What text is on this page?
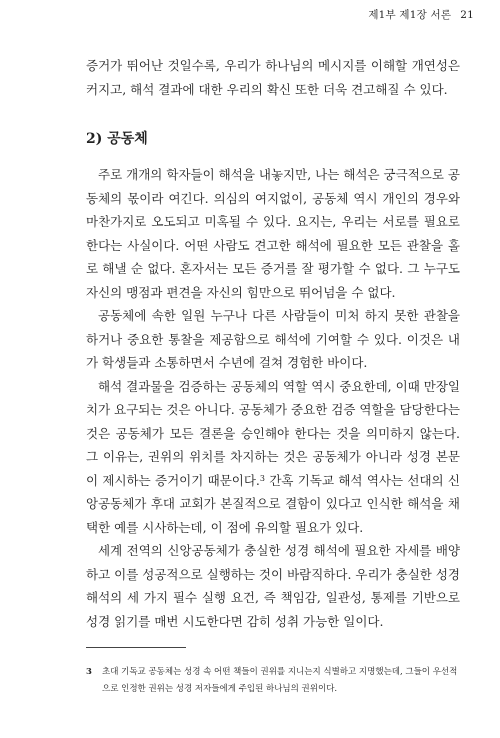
제1부 제1장 서론 21

증거가 뛰어난 것일수록, 우리가 하나님의 메시지를 이해할 개연성은 커지고, 해석 결과에 대한 우리의 확신 또한 더욱 견고해질 수 있다.

2) 공동체

주로 개개의 학자들이 해석을 내놓지만, 나는 해석은 궁극적으로 공동체의 몫이라 여긴다. 의심의 여지없이, 공동체 역시 개인의 경우와 마찬가지로 오도되고 미혹될 수 있다. 요지는, 우리는 서로를 필요로 한다는 사실이다. 어떤 사람도 견고한 해석에 필요한 모든 관찰을 홀로 해낼 순 없다. 혼자서는 모든 증거를 잘 평가할 수 없다. 그 누구도 자신의 맹점과 편견을 자신의 힘만으로 뛰어넘을 수 없다.

공동체에 속한 일원 누구나 다른 사람들이 미처 하지 못한 관찰을 하거나 중요한 통찰을 제공함으로 해석에 기여할 수 있다. 이것은 내가 학생들과 소통하면서 수년에 걸쳐 경험한 바이다.

해석 결과물을 검증하는 공동체의 역할 역시 중요한데, 이때 만장일치가 요구되는 것은 아니다. 공동체가 중요한 검증 역할을 담당한다는 것은 공동체가 모든 결론을 승인해야 한다는 것을 의미하지 않는다. 그 이유는, 권위의 위치를 차지하는 것은 공동체가 아니라 성경 본문이 제시하는 증거이기 때문이다.$^3$ 간혹 기독교 해석 역사는 선대의 신앙공동체가 후대 교회가 본질적으로 결함이 있다고 인식한 해석을 채택한 예를 시사하는데, 이 점에 유의할 필요가 있다.

세계 전역의 신앙공동체가 충실한 성경 해석에 필요한 자세를 배양하고 이를 성공적으로 실행하는 것이 바람직하다. 우리가 충실한 성경 해석의 세 가지 필수 실행 요건, 즉 책임감, 일관성, 통제를 기반으로 성경 읽기를 매번 시도한다면 감히 성취 가능한 일이다.

3	초대 기독교 공동체는 성경 속 어떤 책들이 권위를 지니는지 식별하고 지명했는데, 그들이 우선적으로 인정한 권위는 성경 저자들에게 주입된 하나님의 권위이다.
